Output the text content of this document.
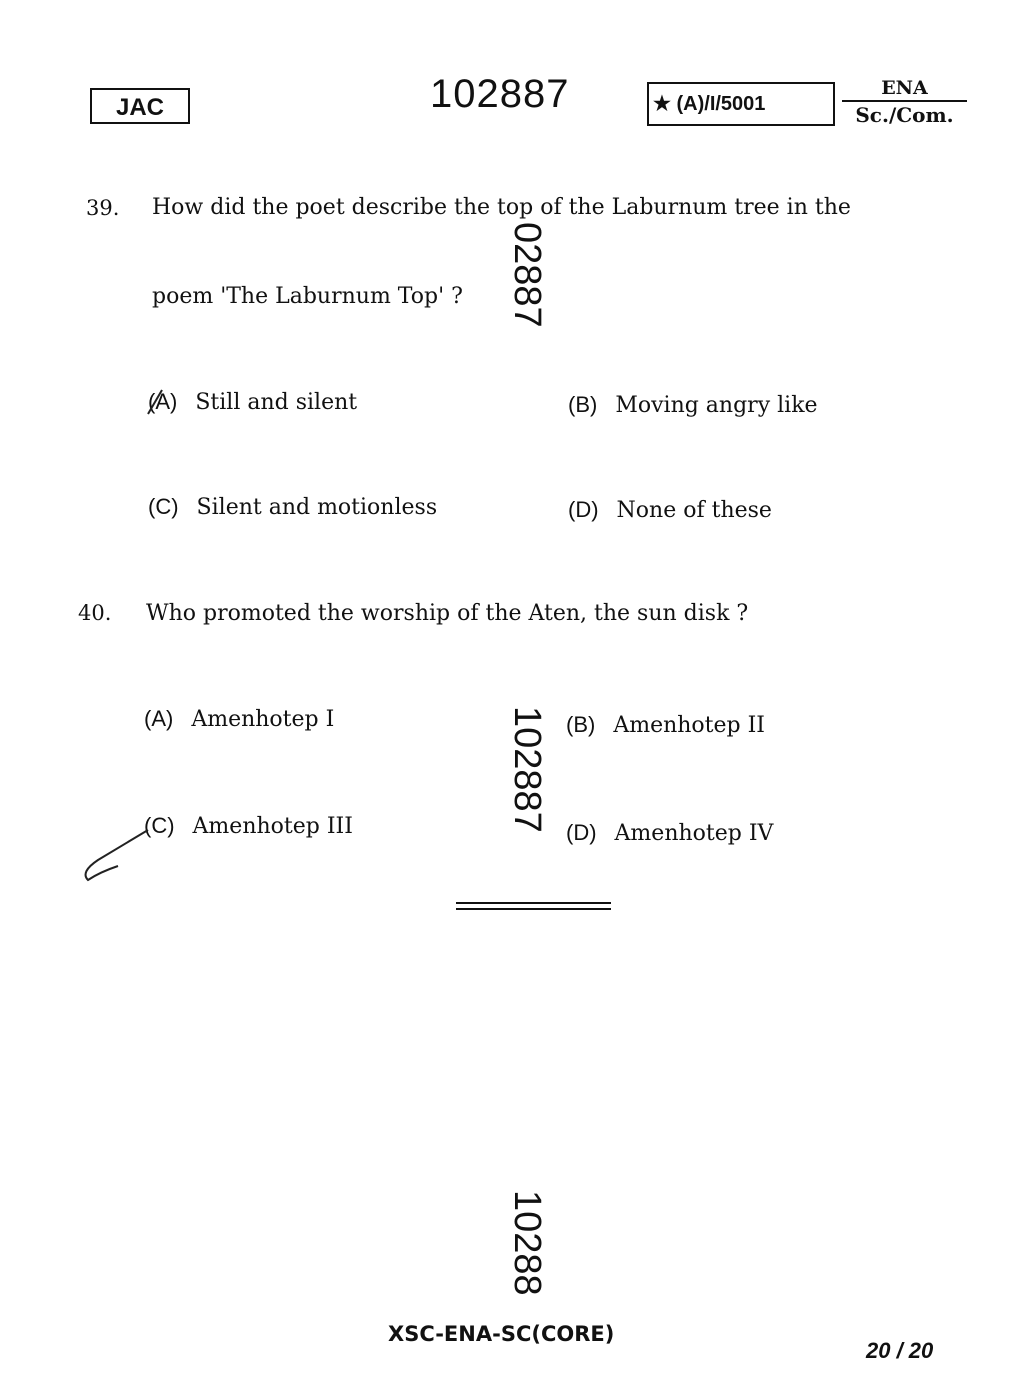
JAC	102887	★ (A)/I/5001
ENA
Sc./Com.
39. How did the poet describe the top of the Laburnum tree in the
poem 'The Laburnum Top' ?
(A) Still and silent	(B) Moving angry like
(C) Silent and motionless	(D) None of these
40. Who promoted the worship of the Aten, the sun disk ?
(A) Amenhotep I	(B) Amenhotep II
(C) Amenhotep III	(D) Amenhotep IV
02887
102887
10288
XSC-ENA-SC(CORE)
20 / 20
